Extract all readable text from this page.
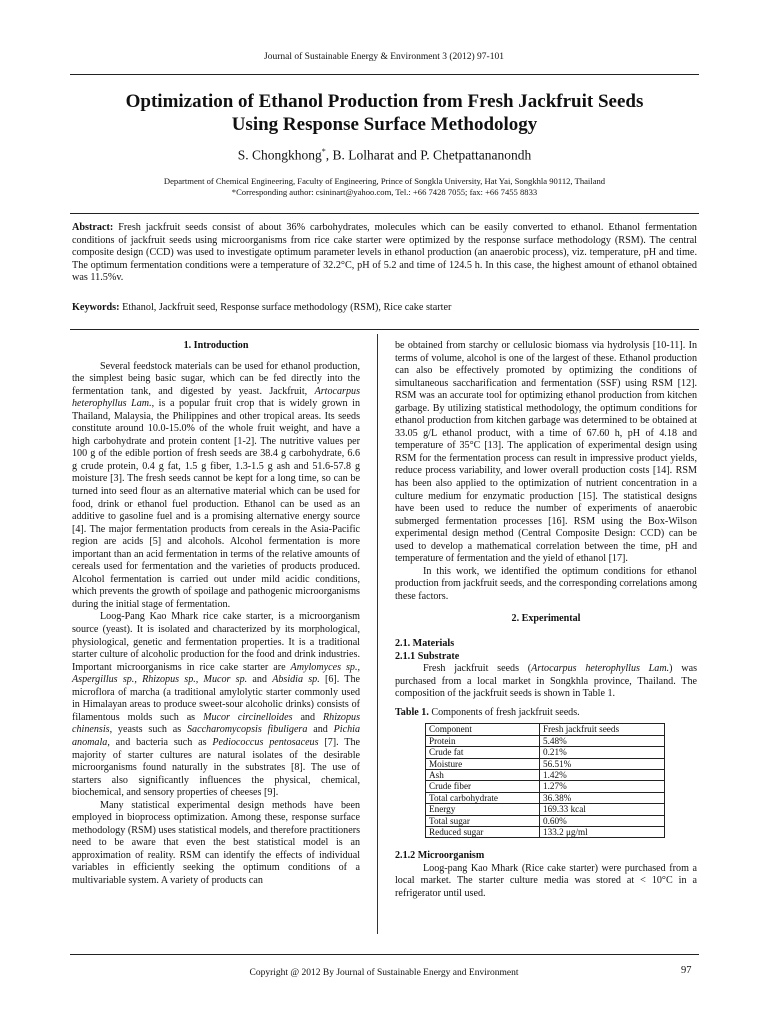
Journal of Sustainable Energy & Environment 3 (2012) 97-101
Optimization of Ethanol Production from Fresh Jackfruit Seeds
Using Response Surface Methodology
S. Chongkhong*, B. Lolharat and P. Chetpattananondh
Department of Chemical Engineering, Faculty of Engineering, Prince of Songkla University, Hat Yai, Songkhla 90112, Thailand
*Corresponding author: csininart@yahoo.com, Tel.: +66 7428 7055; fax: +66 7455 8833
Abstract: Fresh jackfruit seeds consist of about 36% carbohydrates, molecules which can be easily converted to ethanol. Ethanol fermentation conditions of jackfruit seeds using microorganisms from rice cake starter were optimized by the response surface methodology (RSM). The central composite design (CCD) was used to investigate optimum parameter levels in ethanol production (an anaerobic process), viz. temperature, pH and time. The optimum fermentation conditions were a temperature of 32.2°C, pH of 5.2 and time of 124.5 h. In this case, the highest amount of ethanol obtained was 11.5%v.
Keywords: Ethanol, Jackfruit seed, Response surface methodology (RSM), Rice cake starter
1. Introduction

Several feedstock materials can be used for ethanol production, the simplest being basic sugar, which can be fed directly into the fermentation tank, and digested by yeast. Jackfruit, Artocarpus heterophyllus Lam., is a popular fruit crop that is widely grown in Thailand, Malaysia, the Philippines and other tropical areas. Its seeds constitute around 10.0-15.0% of the whole fruit weight, and have a high carbohydrate and protein content [1-2]. The nutritive values per 100 g of the edible portion of fresh seeds are 38.4 g carbohydrate, 6.6 g crude protein, 0.4 g fat, 1.5 g fiber, 1.3-1.5 g ash and 51.6-57.8 g moisture [3]. The fresh seeds cannot be kept for a long time, so can be turned into seed flour as an alternative material which can be used for food, drink or ethanol fuel production. Ethanol can be used as an additive to gasoline fuel and is a promising alternative energy source [4]. The major fermentation products from cereals in the Asia-Pacific region are acids [5] and alcohols. Alcohol fermentation is more important than an acid fermentation in terms of the relative amounts of cereals used for fermentation and the varieties of products produced. Alcohol fermentation is carried out under mild acidic conditions, which prevents the growth of spoilage and pathogenic microorganisms during the initial stage of fermentation.

Loog-Pang Kao Mhark rice cake starter, is a microorganism source (yeast). It is isolated and characterized by its morphological, physiological, genetic and fermentation properties. It is a traditional starter culture of alcoholic production for the food and drink industries. Important microorganisms in rice cake starter are Amylomyces sp., Aspergillus sp., Rhizopus sp., Mucor sp. and Absidia sp. [6]. The microflora of marcha (a traditional amylolytic starter commonly used in Himalayan areas to produce sweet-sour alcoholic drinks) consists of filamentous molds such as Mucor circinelloides and Rhizopus chinensis, yeasts such as Saccharomycopsis fibuligera and Pichia anomala, and bacteria such as Pediococcus pentosaceus [7]. The majority of starter cultures are natural isolates of the desirable microorganisms found naturally in the substrates [8]. The use of starters also significantly influences the physical, chemical, biochemical, and sensory properties of cheeses [9].

Many statistical experimental design methods have been employed in bioprocess optimization. Among these, response surface methodology (RSM) uses statistical models, and therefore practitioners need to be aware that even the best statistical model is an approximation of reality. RSM can identify the effects of individual variables in efficiently seeking the optimum conditions of a multivariable system. A variety of products can

be obtained from starchy or cellulosic biomass via hydrolysis [10-11]. In terms of volume, alcohol is one of the largest of these. Ethanol production can also be effectively promoted by optimizing the conditions of simultaneous saccharification and fermentation (SSF) using RSM [12]. RSM was an accurate tool for optimizing ethanol production from kitchen garbage. By utilizing statistical methodology, the optimum conditions for ethanol production from kitchen garbage was determined to be obtained at 33.05 g/L ethanol product, with a time of 67.60 h, pH of 4.18 and temperature of 35°C [13]. The application of experimental design using RSM for the fermentation process can result in impressive product yields, reduce process variability, and lower overall production costs [14]. RSM has been also applied to the optimization of nutrient concentration in a culture medium for enzymatic production [15]. The statistical designs have been used to reduce the number of experiments of anaerobic submerged fermentation processes [16]. RSM using the Box-Wilson experimental design method (Central Composite Design: CCD) can be used to develop a mathematical correlation between the time, pH and temperature of fermentation and the yield of ethanol [17].

In this work, we identified the optimum conditions for ethanol production from jackfruit seeds, and the corresponding correlations among these factors.

2. Experimental
2.1. Materials
2.1.1 Substrate

Fresh jackfruit seeds (Artocarpus heterophyllus Lam.) was purchased from a local market in Songkhla province, Thailand. The composition of the jackfruit seeds is shown in Table 1.

Table 1. Components of fresh jackfruit seeds.
Component	Fresh jackfruit seeds
Protein	5.48%
Crude fat	0.21%
Moisture	56.51%
Ash	1.42%
Crude fiber	1.27%
Total carbohydrate	36.38%
Energy	169.33 kcal
Total sugar	0.60%
Reduced sugar	133.2 μg/ml
2.1.2 Microorganism

Loog-pang Kao Mhark (Rice cake starter) were purchased from a local market. The starter culture media was stored at < 10°C in a refrigerator until used.

Copyright @ 2012 By Journal of Sustainable Energy and Environment	97
